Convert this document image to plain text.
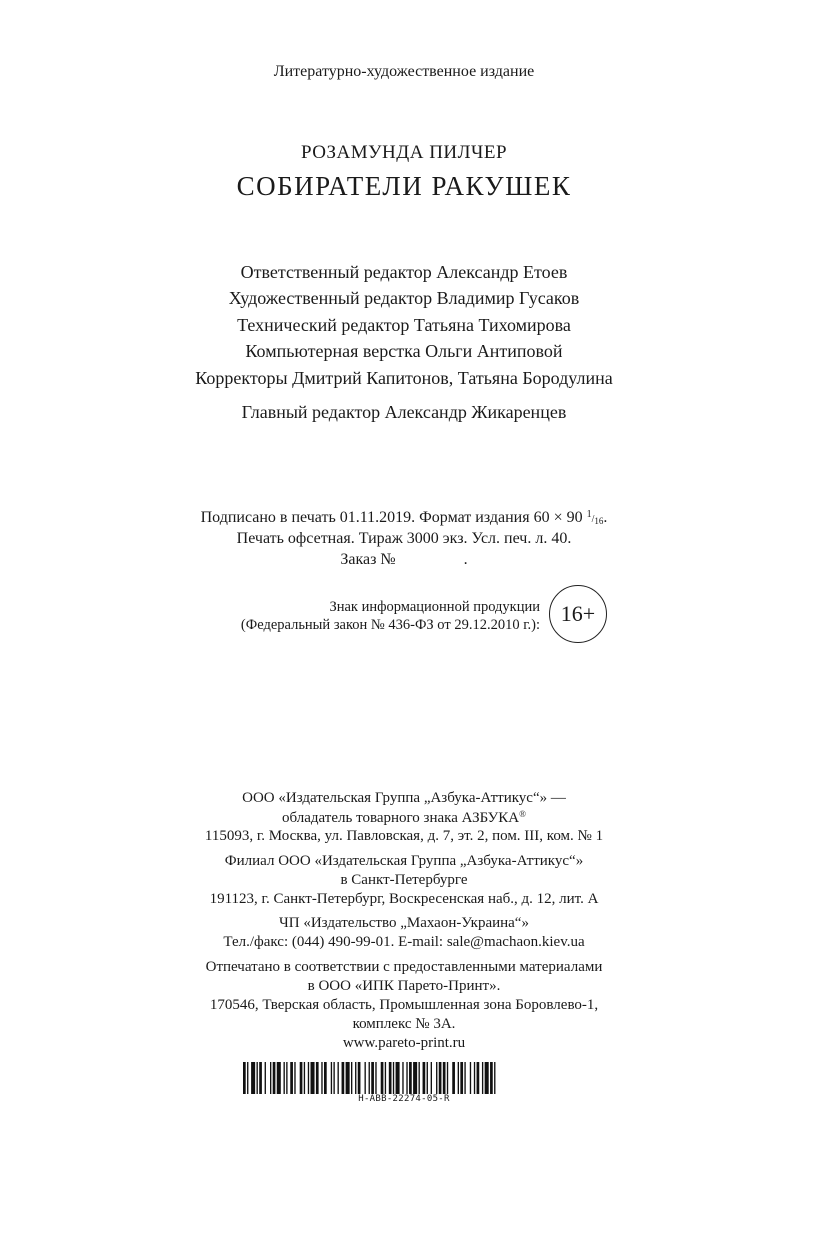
Литературно-художественное издание
РОЗАМУНДА ПИЛЧЕР
СОБИРАТЕЛИ РАКУШЕК
Ответственный редактор Александр Етоев
Художественный редактор Владимир Гусаков
Технический редактор Татьяна Тихомирова
Компьютерная верстка Ольги Антиповой
Корректоры Дмитрий Капитонов, Татьяна Бородулина
Главный редактор Александр Жикаренцев
Подписано в печать 01.11.2019. Формат издания 60 × 90 $^1/_{16}$.
Печать офсетная. Тираж 3000 экз. Усл. печ. л. 40.
Заказ №	.
Знак информационной продукции
(Федеральный закон № 436-ФЗ от 29.12.2010 г.): 16+
ООО «Издательская Группа „Азбука-Аттикус“» —
обладатель товарного знака АЗБУКА®
115093, г. Москва, ул. Павловская, д. 7, эт. 2, пом. III, ком. № 1
Филиал ООО «Издательская Группа „Азбука-Аттикус“»
в Санкт-Петербурге
191123, г. Санкт-Петербург, Воскресенская наб., д. 12, лит. А
ЧП «Издательство „Махаон-Украина“»
Тел./факс: (044) 490-99-01. E-mail: sale@machaon.kiev.ua
Отпечатано в соответствии с предоставленными материалами
в ООО «ИПК Парето-Принт».
170546, Тверская область, Промышленная зона Боровлево-1,
комплекс № 3А.
www.pareto-print.ru
H-ABB-22274-05-R
